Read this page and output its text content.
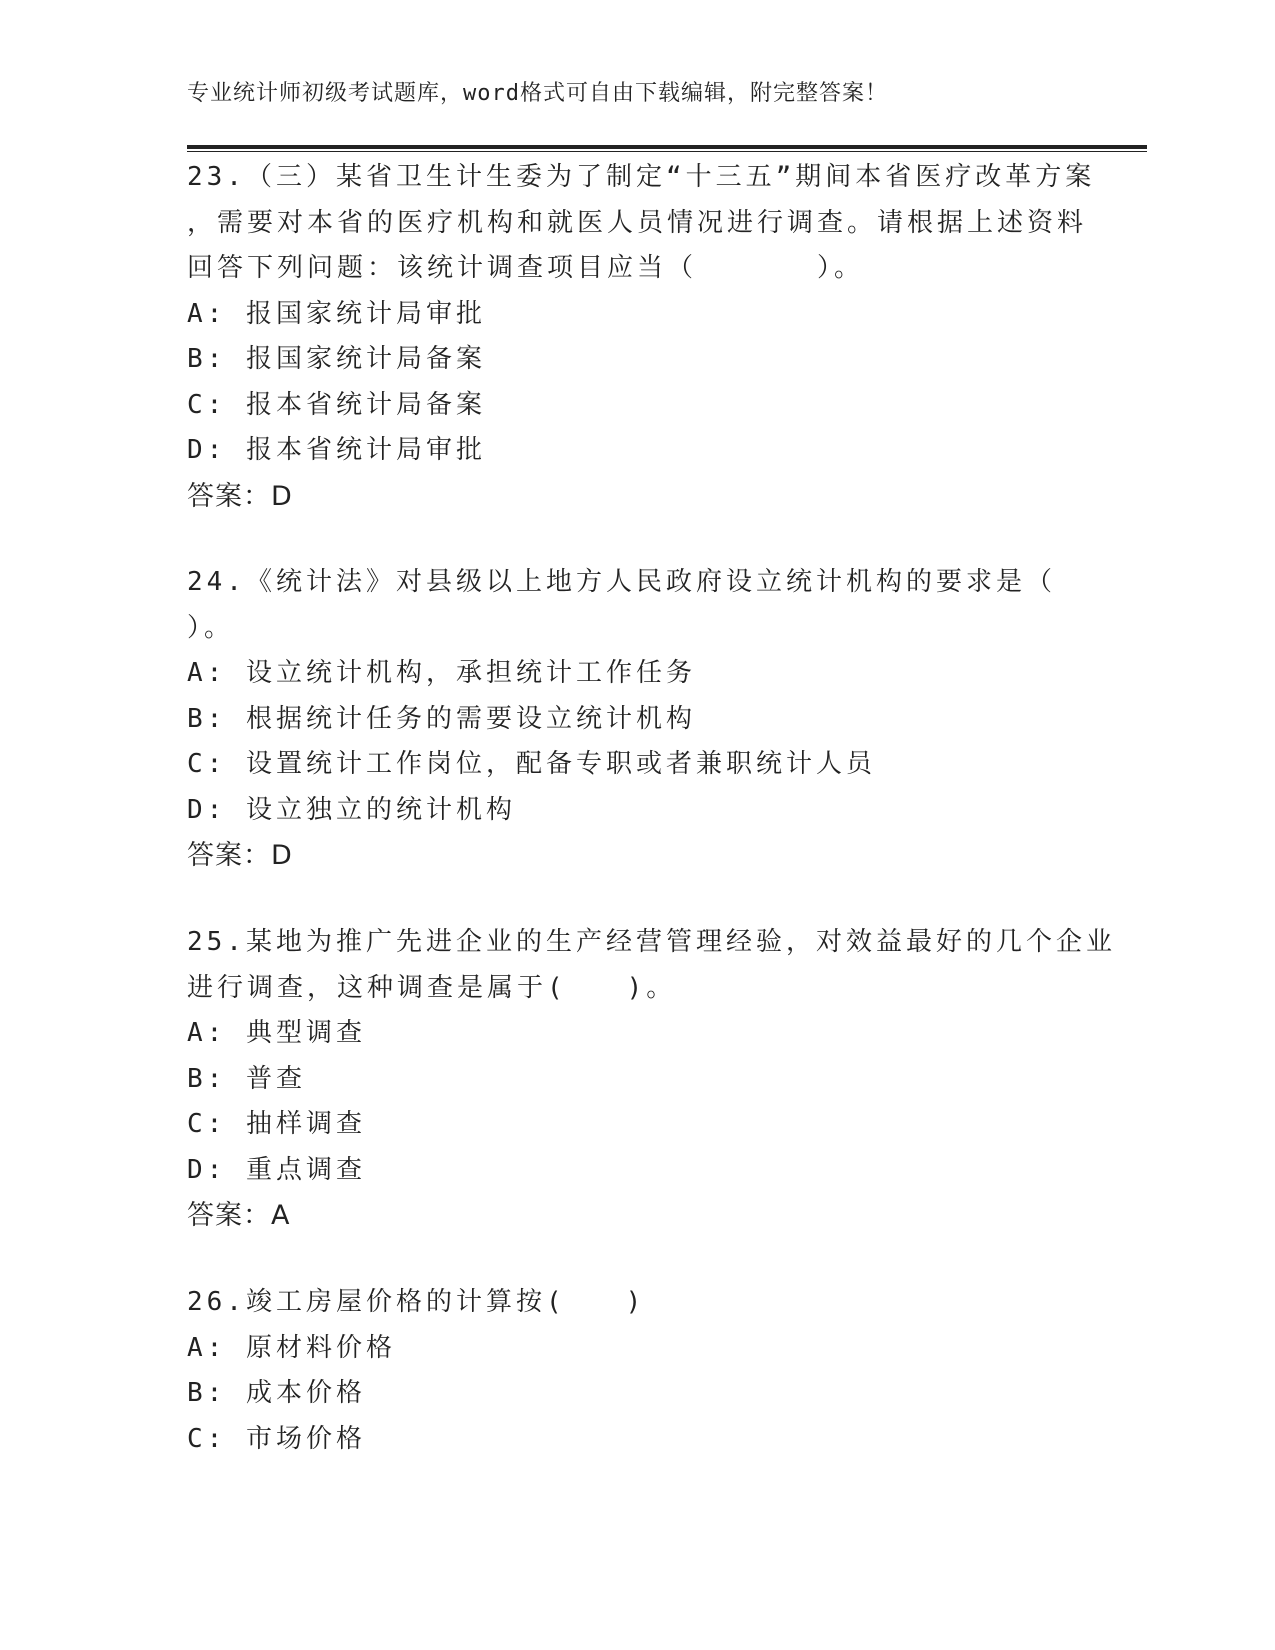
专业统计师初级考试题库，word格式可自由下载编辑，附完整答案！
23.（三）某省卫生计生委为了制定“十三五”期间本省医疗改革方案
，需要对本省的医疗机构和就医人员情况进行调查。请根据上述资料
回答下列问题：该统计调查项目应当（　　　　）。
A: 报国家统计局审批
B: 报国家统计局备案
C: 报本省统计局备案
D: 报本省统计局审批
答案：D
24.《统计法》对县级以上地方人民政府设立统计机构的要求是（
）。
A: 设立统计机构，承担统计工作任务
B: 根据统计任务的需要设立统计机构
C: 设置统计工作岗位，配备专职或者兼职统计人员
D: 设立独立的统计机构
答案：D
25.某地为推广先进企业的生产经营管理经验，对效益最好的几个企业
进行调查，这种调查是属于(　　)。
A: 典型调查
B: 普查
C: 抽样调查
D: 重点调查
答案：A
26.竣工房屋价格的计算按(　　)
A: 原材料价格
B: 成本价格
C: 市场价格
